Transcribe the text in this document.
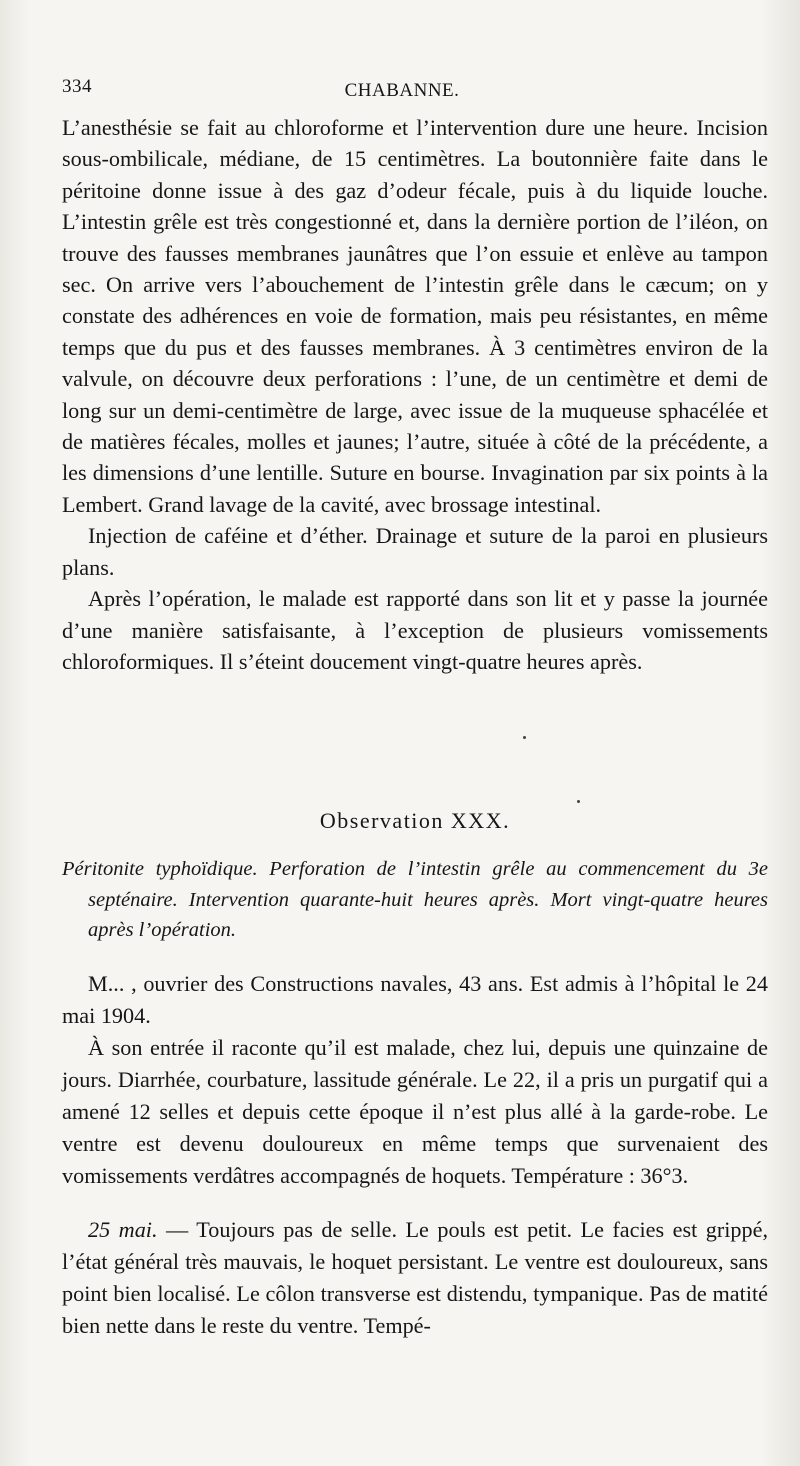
334	CHABANNE.

L’anesthésie se fait au chloroforme et l’intervention dure une heure. Incision sous-ombilicale, médiane, de 15 centimètres. La boutonnière faite dans le péritoine donne issue à des gaz d’odeur fécale, puis à du liquide louche. L’intestin grêle est très congestionné et, dans la dernière portion de l’iléon, on trouve des fausses membranes jaunâtres que l’on essuie et enlève au tampon sec. On arrive vers l’abouchement de l’intestin grêle dans le cæcum; on y constate des adhérences en voie de formation, mais peu résistantes, en même temps que du pus et des fausses membranes. À 3 centimètres environ de la valvule, on découvre deux perforations : l’une, de un centimètre et demi de long sur un demi-centimètre de large, avec issue de la muqueuse sphacélée et de matières fécales, molles et jaunes; l’autre, située à côté de la précédente, a les dimensions d’une lentille. Suture en bourse. Invagination par six points à la Lembert. Grand lavage de la cavité, avec brossage intestinal.

Injection de caféine et d’éther. Drainage et suture de la paroi en plusieurs plans.

Après l’opération, le malade est rapporté dans son lit et y passe la journée d’une manière satisfaisante, à l’exception de plusieurs vomissements chloroformiques. Il s’éteint doucement vingt-quatre heures après.

Observation XXX.

Péritonite typhoïdique. Perforation de l’intestin grêle au commencement du 3e septénaire. Intervention quarante-huit heures après. Mort vingt-quatre heures après l’opération.

M... , ouvrier des Constructions navales, 43 ans. Est admis à l’hôpital le 24 mai 1904.

À son entrée il raconte qu’il est malade, chez lui, depuis une quinzaine de jours. Diarrhée, courbature, lassitude générale. Le 22, il a pris un purgatif qui a amené 12 selles et depuis cette époque il n’est plus allé à la garde-robe. Le ventre est devenu douloureux en même temps que survenaient des vomissements verdâtres accompagnés de hoquets. Température : 36°3.

25 mai. — Toujours pas de selle. Le pouls est petit. Le facies est grippé, l’état général très mauvais, le hoquet persistant. Le ventre est douloureux, sans point bien localisé. Le côlon transverse est distendu, tympanique. Pas de matité bien nette dans le reste du ventre. Tempé-
